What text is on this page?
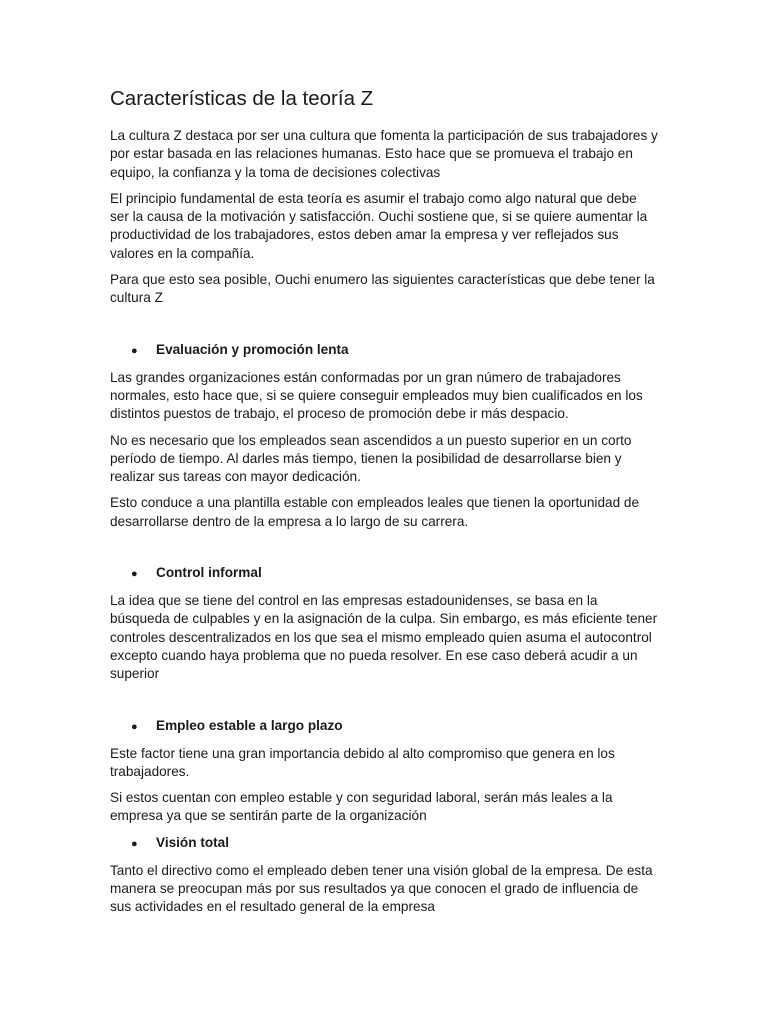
Características de la teoría Z

La cultura Z destaca por ser una cultura que fomenta la participación de sus trabajadores y por estar basada en las relaciones humanas. Esto hace que se promueva el trabajo en equipo, la confianza y la toma de decisiones colectivas

El principio fundamental de esta teoría es asumir el trabajo como algo natural que debe ser la causa de la motivación y satisfacción. Ouchi sostiene que, si se quiere aumentar la productividad de los trabajadores, estos deben amar la empresa y ver reflejados sus valores en la compañía.

Para que esto sea posible, Ouchi enumero las siguientes características que debe tener la cultura Z

●	Evaluación y promoción lenta

Las grandes organizaciones están conformadas por un gran número de trabajadores normales, esto hace que, si se quiere conseguir empleados muy bien cualificados en los distintos puestos de trabajo, el proceso de promoción debe ir más despacio.

No es necesario que los empleados sean ascendidos a un puesto superior en un corto período de tiempo. Al darles más tiempo, tienen la posibilidad de desarrollarse bien y realizar sus tareas con mayor dedicación.

Esto conduce a una plantilla estable con empleados leales que tienen la oportunidad de desarrollarse dentro de la empresa a lo largo de su carrera.

●	Control informal

La idea que se tiene del control en las empresas estadounidenses, se basa en la búsqueda de culpables y en la asignación de la culpa. Sin embargo, es más eficiente tener controles descentralizados en los que sea el mismo empleado quien asuma el autocontrol excepto cuando haya problema que no pueda resolver. En ese caso deberá acudir a un superior

●	Empleo estable a largo plazo

Este factor tiene una gran importancia debido al alto compromiso que genera en los trabajadores.

Si estos cuentan con empleo estable y con seguridad laboral, serán más leales a la empresa ya que se sentirán parte de la organización

●	Visión total

Tanto el directivo como el empleado deben tener una visión global de la empresa. De esta manera se preocupan más por sus resultados ya que conocen el grado de influencia de sus actividades en el resultado general de la empresa
